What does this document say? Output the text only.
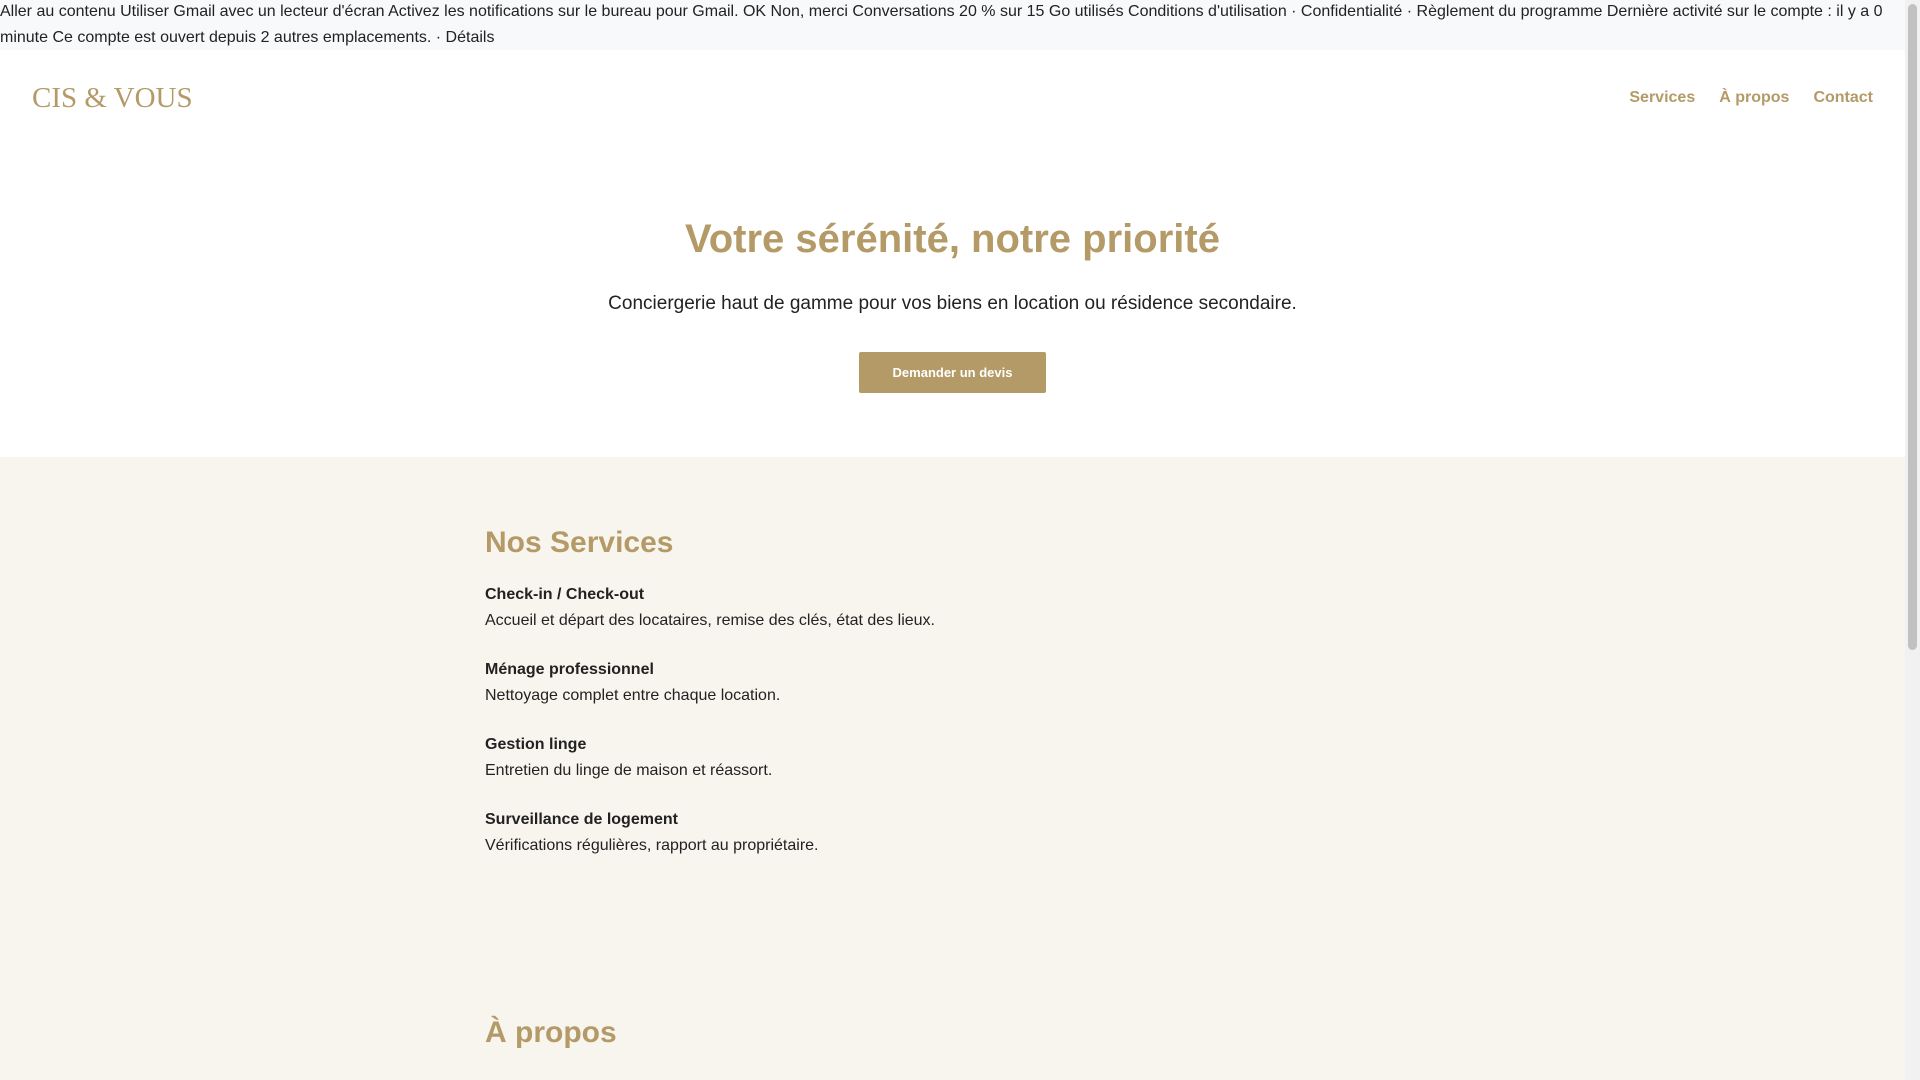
Aller au contenu Utiliser Gmail avec un lecteur d'écran Activez les notifications sur le bureau pour Gmail. OK Non, merci Conversations 20 % sur 15 Go utilisés Conditions d'utilisation · Confidentialité · Règlement du programme Dernière activité sur le compte : il y a 0

minute Ce compte est ouvert depuis 2 autres emplacements. · Détails

CIS & VOUS	Services À propos Contact
Votre sérénité, notre priorité

Conciergerie haut de gamme pour vos biens en location ou résidence secondaire.

Demander un devis
Nos Services

Check-in / Check-out

Accueil et départ des locataires, remise des clés, état des lieux.

Ménage professionnel

Nettoyage complet entre chaque location.

Gestion linge

Entretien du linge de maison et réassort.

Surveillance de logement

Vérifications régulières, rapport au propriétaire.

À propos
